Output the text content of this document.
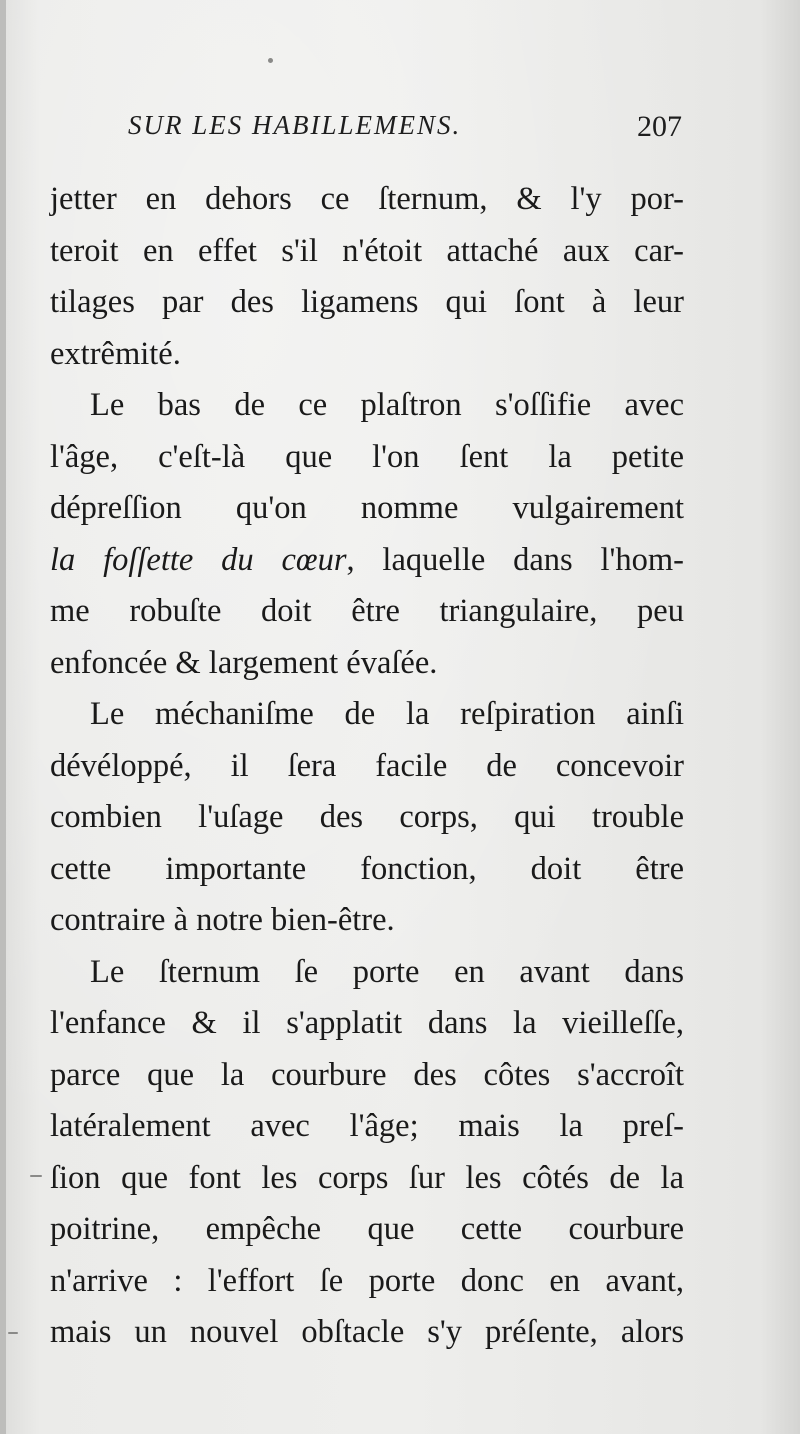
SUR LES HABILLEMENS.	207
jetter en dehors ce ſternum, & l'y por-
teroit en effet s'il n'étoit attaché aux car-
tilages par des ligamens qui ſont à leur
extrêmité.
Le bas de ce plaſtron s'oſſifie avec
l'âge, c'eſt-là que l'on ſent la petite
dépreſſion qu'on nomme vulgairement
la foſſette du cœur, laquelle dans l'hom-
me robuſte doit être triangulaire, peu
enfoncée & largement évaſée.
Le méchaniſme de la reſpiration ainſi
dévéloppé, il ſera facile de concevoir
combien l'uſage des corps, qui trouble
cette importante fonction, doit être
contraire à notre bien-être.
Le ſternum ſe porte en avant dans
l'enfance & il s'applatit dans la vieilleſſe,
parce que la courbure des côtes s'accroît
latéralement avec l'âge; mais la preſ-
ſion que font les corps ſur les côtés de la
poitrine, empêche que cette courbure
n'arrive : l'effort ſe porte donc en avant,
mais un nouvel obſtacle s'y préſente, alors
